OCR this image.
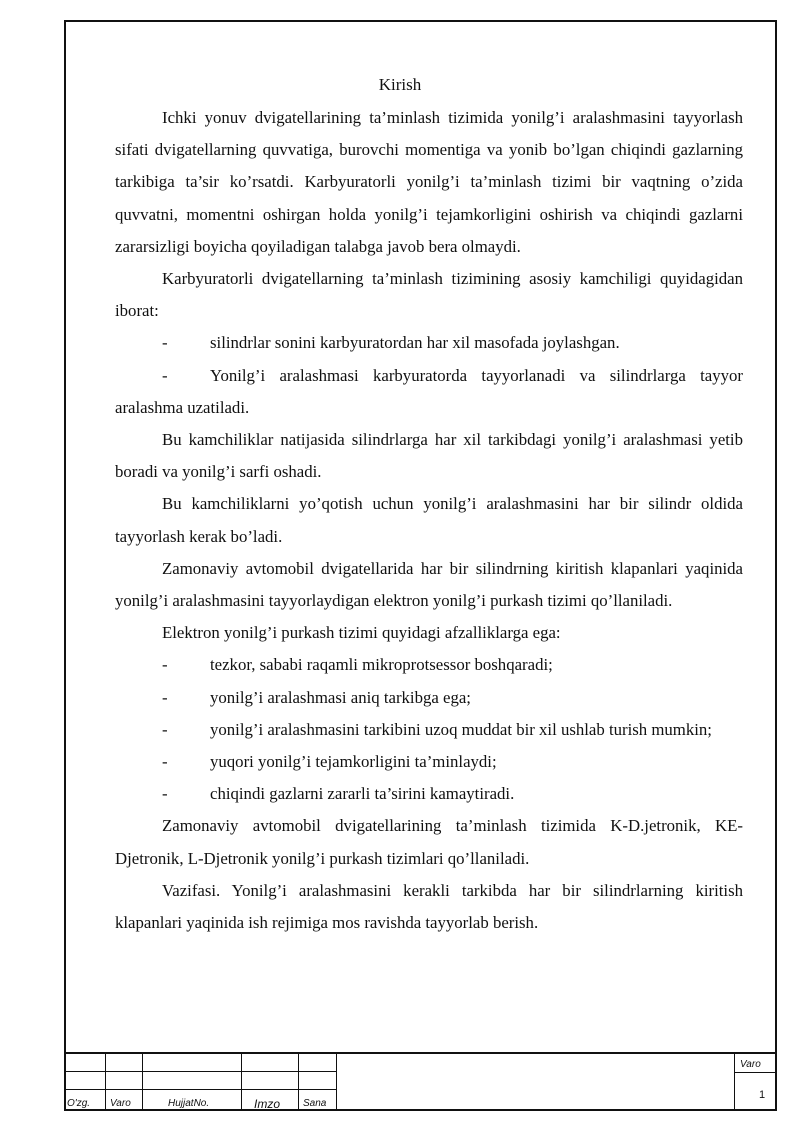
Kirish

Ichki yonuv dvigatellarining ta’minlash tizimida yonilg’i aralashmasini tayyorlash sifati dvigatellarning quvvatiga, burovchi momentiga va yonib bo’lgan chiqindi gazlarning tarkibiga ta’sir ko’rsatdi. Karbyuratorli yonilg’i ta’minlash tizimi bir vaqtning o’zida quvvatni, momentni oshirgan holda yonilg’i tejamkorligini oshirish va chiqindi gazlarni zararsizligi boyicha qoyiladigan talabga javob bera olmaydi.

Karbyuratorli dvigatellarning ta’minlash tizimining asosiy kamchiligi quyidagidan iborat:

-	silindrlar sonini karbyuratordan har xil masofada joylashgan.

-	Yonilg’i aralashmasi karbyuratorda tayyorlanadi va silindrlarga tayyor aralashma uzatiladi.

Bu kamchiliklar natijasida silindrlarga har xil tarkibdagi yonilg’i aralashmasi yetib boradi va yonilg’i sarfi oshadi.

Bu kamchiliklarni yo’qotish uchun yonilg’i aralashmasini har bir silindr oldida tayyorlash kerak bo’ladi.

Zamonaviy avtomobil dvigatellarida har bir silindrning kiritish klapanlari yaqinida yonilg’i aralashmasini tayyorlaydigan elektron yonilg’i purkash tizimi qo’llaniladi.

Elektron yonilg’i purkash tizimi quyidagi afzalliklarga ega:

-	tezkor, sababi raqamli mikroprotsessor boshqaradi;

-	yonilg’i aralashmasi aniq tarkibga ega;

-	yonilg’i aralashmasini tarkibini uzoq muddat bir xil ushlab turish mumkin;

-	yuqori yonilg’i tejamkorligini ta’minlaydi;

-	chiqindi gazlarni zararli ta’sirini kamaytiradi.

Zamonaviy avtomobil dvigatellarining ta’minlash tizimida K-D.jetronik, KE-Djetronik, L-Djetronik yonilg’i purkash tizimlari qo’llaniladi.

Vazifasi. Yonilg’i aralashmasini kerakli tarkibda har bir silindrlarning kiritish klapanlari yaqinida ish rejimiga mos ravishda tayyorlab berish.

O'zg. Varo	HujjatNo.	Imzo Sana
Varo
1
